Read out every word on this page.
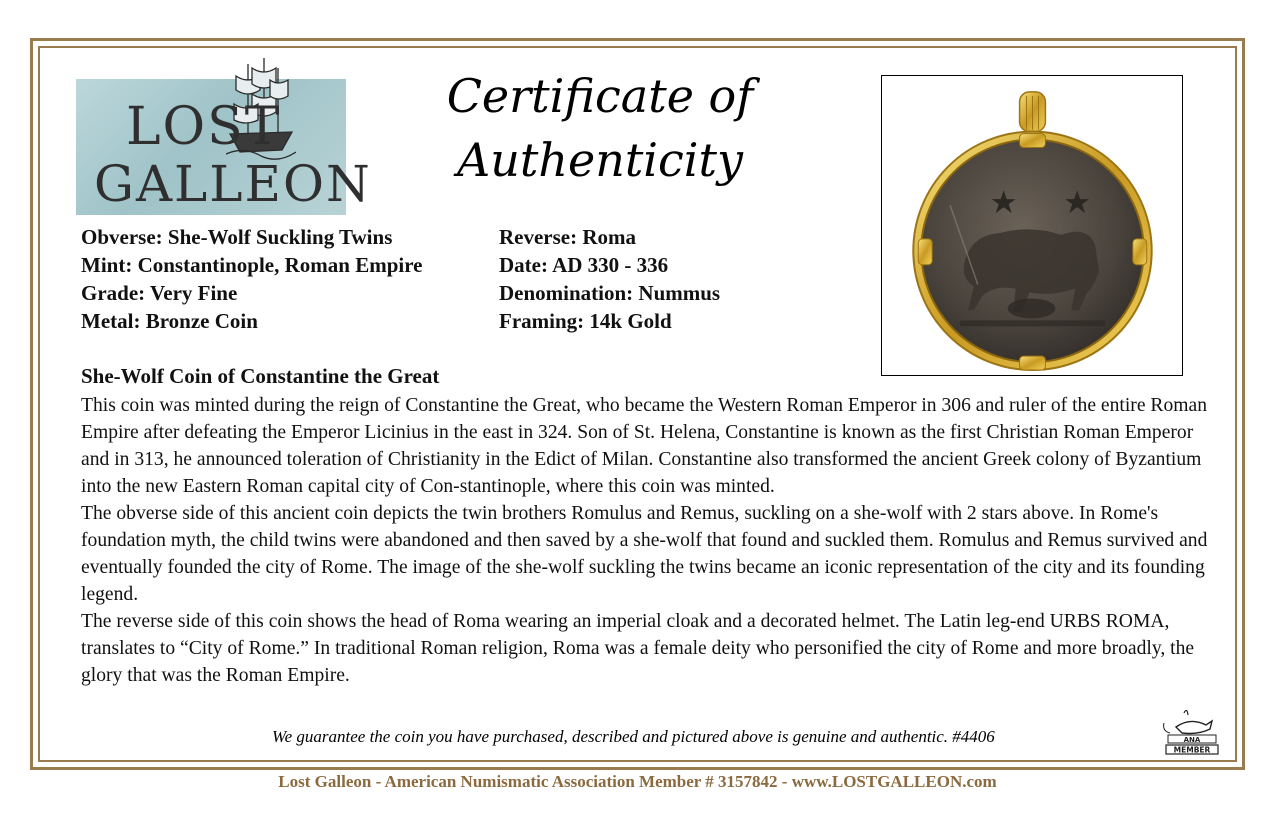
LOST
GALLEON
Certificate of
Authenticity
Obverse: She-Wolf Suckling Twins	Reverse: Roma
Mint: Constantinople, Roman Empire	Date: AD 330 - 336
Grade: Very Fine	Denomination: Nummus
Metal: Bronze Coin	Framing: 14k Gold
She-Wolf Coin of Constantine the Great

This coin was minted during the reign of Constantine the Great, who became the Western Roman Emperor in 306 and ruler of the entire Roman Empire after defeating the Emperor Licinius in the east in 324. Son of St. Helena, Constantine is known as the first Christian Roman Emperor and in 313, he announced toleration of Christianity in the Edict of Milan. Constantine also transformed the ancient Greek colony of Byzantium into the new Eastern Roman capital city of Con-stantinople, where this coin was minted.

The obverse side of this ancient coin depicts the twin brothers Romulus and Remus, suckling on a she-wolf with 2 stars above. In Rome's foundation myth, the child twins were abandoned and then saved by a she-wolf that found and suckled them. Romulus and Remus survived and eventually founded the city of Rome. The image of the she-wolf suckling the twins became an iconic representation of the city and its founding legend.

The reverse side of this coin shows the head of Roma wearing an imperial cloak and a decorated helmet. The Latin leg-end URBS ROMA, translates to “City of Rome.” In traditional Roman religion, Roma was a female deity who personified the city of Rome and more broadly, the glory that was the Roman Empire.

We guarantee the coin you have purchased, described and pictured above is genuine and authentic. #4406	ANA
MEMBER
Lost Galleon - American Numismatic Association Member # 3157842 - www.LOSTGALLEON.com
